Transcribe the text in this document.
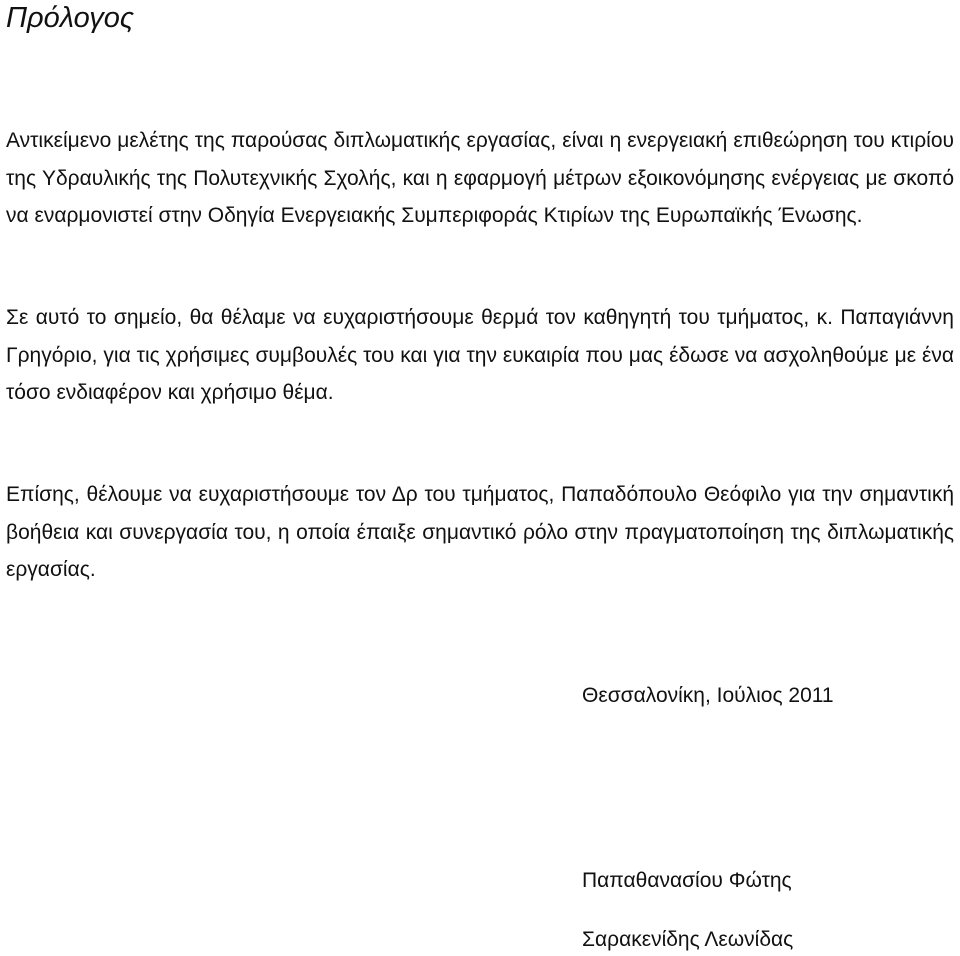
Πρόλογος

Αντικείμενο μελέτης της παρούσας διπλωματικής εργασίας, είναι η ενεργειακή επιθεώρηση του κτιρίου της Υδραυλικής της Πολυτεχνικής Σχολής, και η εφαρμογή μέτρων εξοικονόμησης ενέργειας με σκοπό να εναρμονιστεί στην Οδηγία Ενεργειακής Συμπεριφοράς Κτιρίων της Ευρωπαϊκής Ένωσης.

Σε αυτό το σημείο, θα θέλαμε να ευχαριστήσουμε θερμά τον καθηγητή του τμήματος, κ. Παπαγιάννη Γρηγόριο, για τις χρήσιμες συμβουλές του και για την ευκαιρία που μας έδωσε να ασχοληθούμε με ένα τόσο ενδιαφέρον και χρήσιμο θέμα.

Επίσης, θέλουμε να ευχαριστήσουμε τον Δρ του τμήματος, Παπαδόπουλο Θεόφιλο για την σημαντική βοήθεια και συνεργασία του, η οποία έπαιξε σημαντικό ρόλο στην πραγματοποίηση της διπλωματικής εργασίας.

Θεσσαλονίκη, Ιούλιος 2011

Παπαθανασίου Φώτης

Σαρακενίδης Λεωνίδας
